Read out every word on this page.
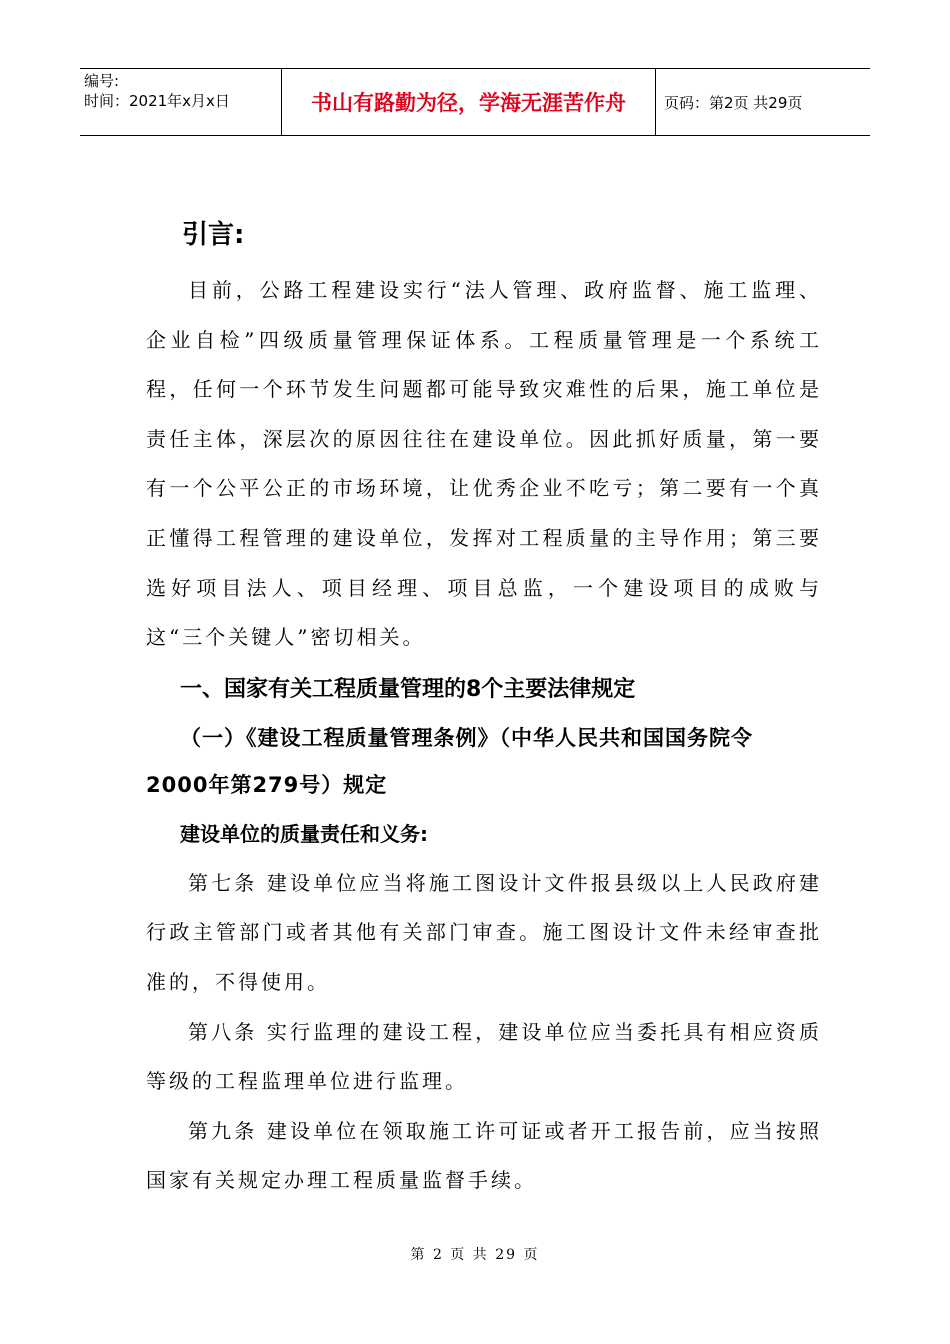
编号:
时间：2021年x月x日	书山有路勤为径，学海无涯苦作舟	页码：第2页 共29页
引言:

目前，公路工程建设实行“法人管理、政府监督、施工监理、企业自检”四级质量管理保证体系。工程质量管理是一个系统工程，任何一个环节发生问题都可能导致灾难性的后果，施工单位是责任主体，深层次的原因往往在建设单位。因此抓好质量，第一要有一个公平公正的市场环境，让优秀企业不吃亏；第二要有一个真正懂得工程管理的建设单位，发挥对工程质量的主导作用；第三要选好项目法人、项目经理、项目总监，一个建设项目的成败与这“三个关键人”密切相关。

一、国家有关工程质量管理的8个主要法律规定

（一）《建设工程质量管理条例》（中华人民共和国国务院令 2000年第279号）规定

建设单位的质量责任和义务:

第七条 建设单位应当将施工图设计文件报县级以上人民政府建行政主管部门或者其他有关部门审查。施工图设计文件未经审查批准的，不得使用。

第八条 实行监理的建设工程，建设单位应当委托具有相应资质等级的工程监理单位进行监理。

第九条 建设单位在领取施工许可证或者开工报告前，应当按照国家有关规定办理工程质量监督手续。

第 2 页 共 29 页
